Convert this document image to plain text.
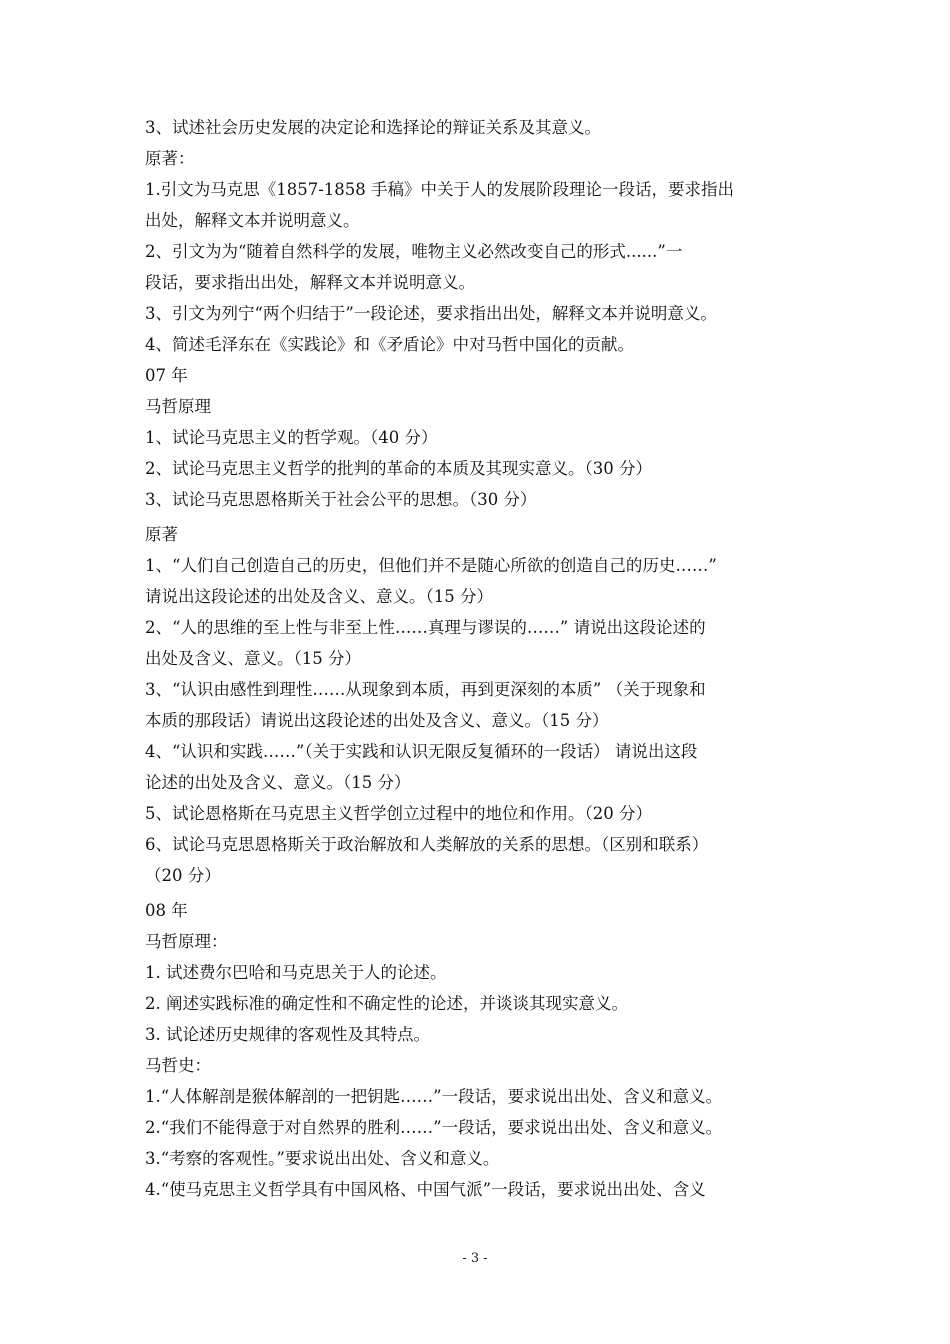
3、试述社会历史发展的决定论和选择论的辩证关系及其意义。

原著：

1.引文为马克思《1857-1858 手稿》中关于人的发展阶段理论一段话，要求指出

出处，解释文本并说明意义。

2、引文为为“随着自然科学的发展，唯物主义必然改变自己的形式......”一

段话，要求指出出处，解释文本并说明意义。

3、引文为列宁“两个归结于”一段论述，要求指出出处，解释文本并说明意义。

4、简述毛泽东在《实践论》和《矛盾论》中对马哲中国化的贡献。

07 年

马哲原理

1、试论马克思主义的哲学观。（40 分）

2、试论马克思主义哲学的批判的革命的本质及其现实意义。（30 分）

3、试论马克思恩格斯关于社会公平的思想。（30 分）

原著

1、“人们自己创造自己的历史，但他们并不是随心所欲的创造自己的历史……”

请说出这段论述的出处及含义、意义。（15 分）

2、“人的思维的至上性与非至上性……真理与谬误的……” 请说出这段论述的

出处及含义、意义。（15 分）

3、“认识由感性到理性……从现象到本质，再到更深刻的本质” （关于现象和

本质的那段话）请说出这段论述的出处及含义、意义。（15 分）

4、“认识和实践……”（关于实践和认识无限反复循环的一段话） 请说出这段

论述的出处及含义、意义。（15 分）

5、试论恩格斯在马克思主义哲学创立过程中的地位和作用。（20 分）

6、试论马克思恩格斯关于政治解放和人类解放的关系的思想。（区别和联系）

（20 分）

08 年

马哲原理：

1. 试述费尔巴哈和马克思关于人的论述。

2. 阐述实践标准的确定性和不确定性的论述，并谈谈其现实意义。

3. 试论述历史规律的客观性及其特点。

马哲史：

1.“人体解剖是猴体解剖的一把钥匙……”一段话，要求说出出处、含义和意义。

2.“我们不能得意于对自然界的胜利……”一段话，要求说出出处、含义和意义。

3.“考察的客观性。”要求说出出处、含义和意义。

4.“使马克思主义哲学具有中国风格、中国气派”一段话，要求说出出处、含义

- 3 -
